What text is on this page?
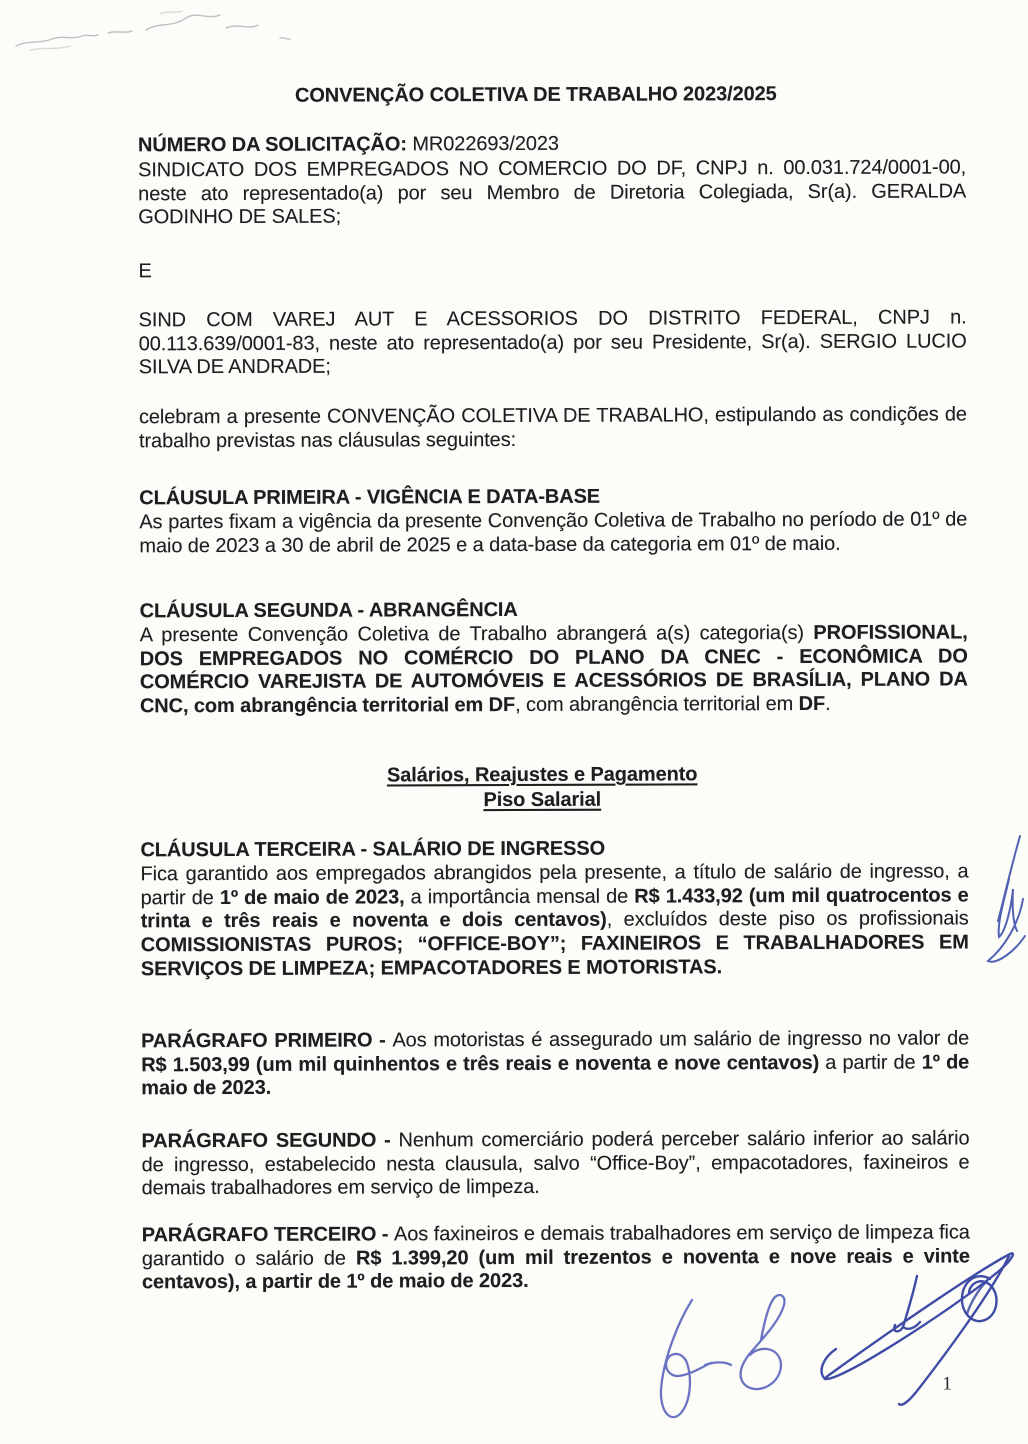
CONVENÇÃO COLETIVA DE TRABALHO 2023/2025
NÚMERO DA SOLICITAÇÃO: MR022693/2023
SINDICATO DOS EMPREGADOS NO COMERCIO DO DF, CNPJ n. 00.031.724/0001-00, neste ato representado(a) por seu Membro de Diretoria Colegiada, Sr(a). GERALDA GODINHO DE SALES;
E
SIND COM VAREJ AUT E ACESSORIOS DO DISTRITO FEDERAL, CNPJ n. 00.113.639/0001-83, neste ato representado(a) por seu Presidente, Sr(a). SERGIO LUCIO SILVA DE ANDRADE;
celebram a presente CONVENÇÃO COLETIVA DE TRABALHO, estipulando as condições de trabalho previstas nas cláusulas seguintes:
CLÁUSULA PRIMEIRA - VIGÊNCIA E DATA-BASE
As partes fixam a vigência da presente Convenção Coletiva de Trabalho no período de 01º de maio de 2023 a 30 de abril de 2025 e a data-base da categoria em 01º de maio.
CLÁUSULA SEGUNDA - ABRANGÊNCIA
A presente Convenção Coletiva de Trabalho abrangerá a(s) categoria(s) PROFISSIONAL, DOS EMPREGADOS NO COMÉRCIO DO PLANO DA CNEC - ECONÔMICA DO COMÉRCIO VAREJISTA DE AUTOMÓVEIS E ACESSÓRIOS DE BRASÍLIA, PLANO DA CNC, com abrangência territorial em DF, com abrangência territorial em DF.
Salários, Reajustes e Pagamento
Piso Salarial
CLÁUSULA TERCEIRA - SALÁRIO DE INGRESSO
Fica garantido aos empregados abrangidos pela presente, a título de salário de ingresso, a partir de 1º de maio de 2023, a importância mensal de R$ 1.433,92 (um mil quatrocentos e trinta e três reais e noventa e dois centavos), excluídos deste piso os profissionais COMISSIONISTAS PUROS; “OFFICE-BOY”; FAXINEIROS E TRABALHADORES EM SERVIÇOS DE LIMPEZA; EMPACOTADORES E MOTORISTAS.
PARÁGRAFO PRIMEIRO - Aos motoristas é assegurado um salário de ingresso no valor de R$ 1.503,99 (um mil quinhentos e três reais e noventa e nove centavos) a partir de 1º de maio de 2023.
PARÁGRAFO SEGUNDO - Nenhum comerciário poderá perceber salário inferior ao salário de ingresso, estabelecido nesta clausula, salvo “Office-Boy”, empacotadores, faxineiros e demais trabalhadores em serviço de limpeza.
PARÁGRAFO TERCEIRO - Aos faxineiros e demais trabalhadores em serviço de limpeza fica garantido o salário de R$ 1.399,20 (um mil trezentos e noventa e nove reais e vinte centavos), a partir de 1º de maio de 2023.
1
